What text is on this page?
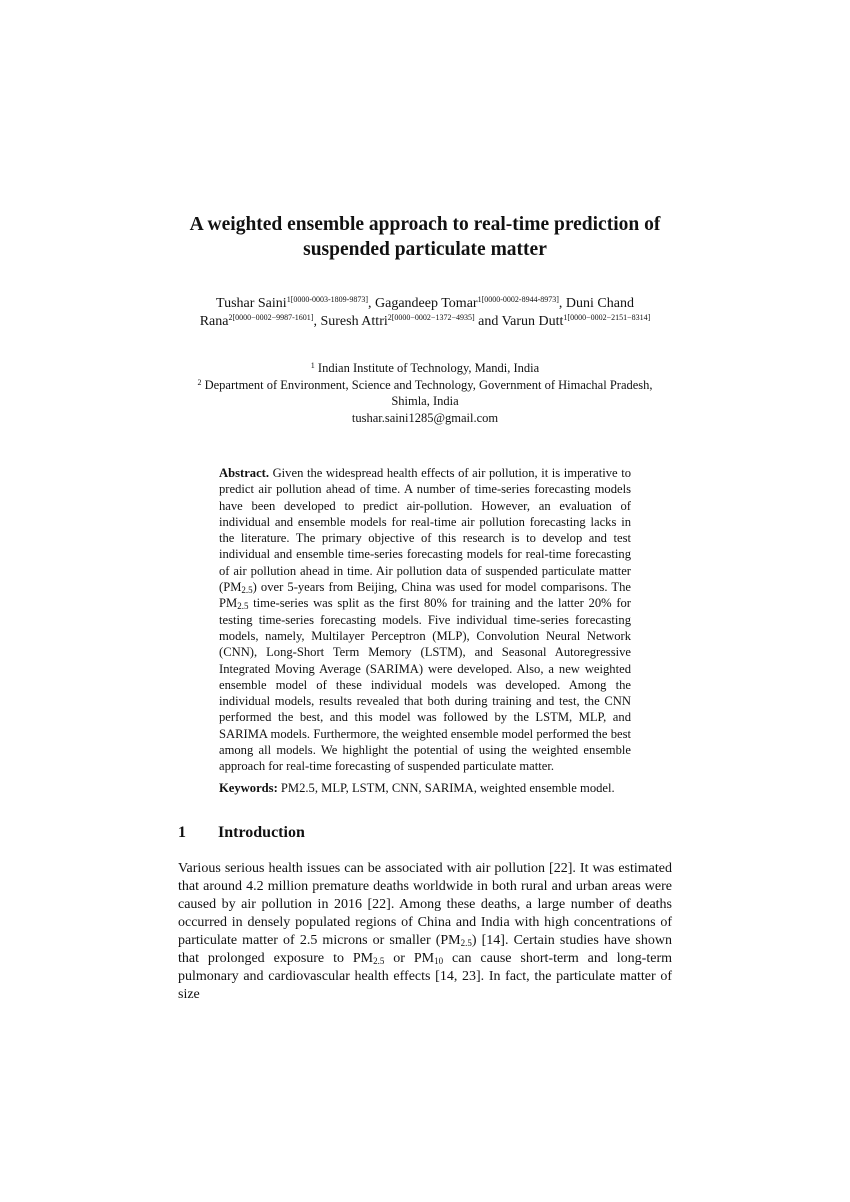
A weighted ensemble approach to real-time prediction of
suspended particulate matter
Tushar Saini$^{1[0000-0003-1809-9873]}$, Gagandeep Tomar$^{1[0000-0002-8944-8973]}$, Duni Chand Rana$^{2[0000-0002-9987-1601]}$, Suresh Attri$^{2[0000-0002-1372-4935]}$ and Varun Dutt$^{1[0000-0002-2151-8314]}$
$^1$ Indian Institute of Technology, Mandi, India
$^2$ Department of Environment, Science and Technology, Government of Himachal Pradesh,
Shimla, India
tushar.saini1285@gmail.com
Abstract. Given the widespread health effects of air pollution, it is imperative to predict air pollution ahead of time. A number of time-series forecasting models have been developed to predict air-pollution. However, an evaluation of individual and ensemble models for real-time air pollution forecasting lacks in the literature. The primary objective of this research is to develop and test individual and ensemble time-series forecasting models for real-time forecasting of air pollution ahead in time. Air pollution data of suspended particulate matter $(PM_{2.5})$ over 5-years from Beijing, China was used for model comparisons. The $PM_{2.5}$ time-series was split as the first 80% for training and the latter 20% for testing time-series forecasting models. Five individual time-series forecasting models, namely, Multilayer Perceptron (MLP), Convolution Neural Network (CNN), Long-Short Term Memory (LSTM), and Seasonal Autoregressive Integrated Moving Average (SARIMA) were developed. Also, a new weighted ensemble model of these individual models was developed. Among the individual models, results revealed that both during training and test, the CNN performed the best, and this model was followed by the LSTM, MLP, and SARIMA models. Furthermore, the weighted ensemble model performed the best among all models. We highlight the potential of using the weighted ensemble approach for real-time forecasting of suspended particulate matter.
Keywords: PM2.5, MLP, LSTM, CNN, SARIMA, weighted ensemble model.
1 Introduction
Various serious health issues can be associated with air pollution [22]. It was estimated that around 4.2 million premature deaths worldwide in both rural and urban areas were caused by air pollution in 2016 [22]. Among these deaths, a large number of deaths occurred in densely populated regions of China and India with high concentrations of particulate matter of 2.5 microns or smaller $(PM_{2.5})$ [14]. Certain studies have shown that prolonged exposure to $PM_{2.5}$ or $PM_{10}$ can cause short-term and long-term pulmonary and cardiovascular health effects [14, 23]. In fact, the particulate matter of size
